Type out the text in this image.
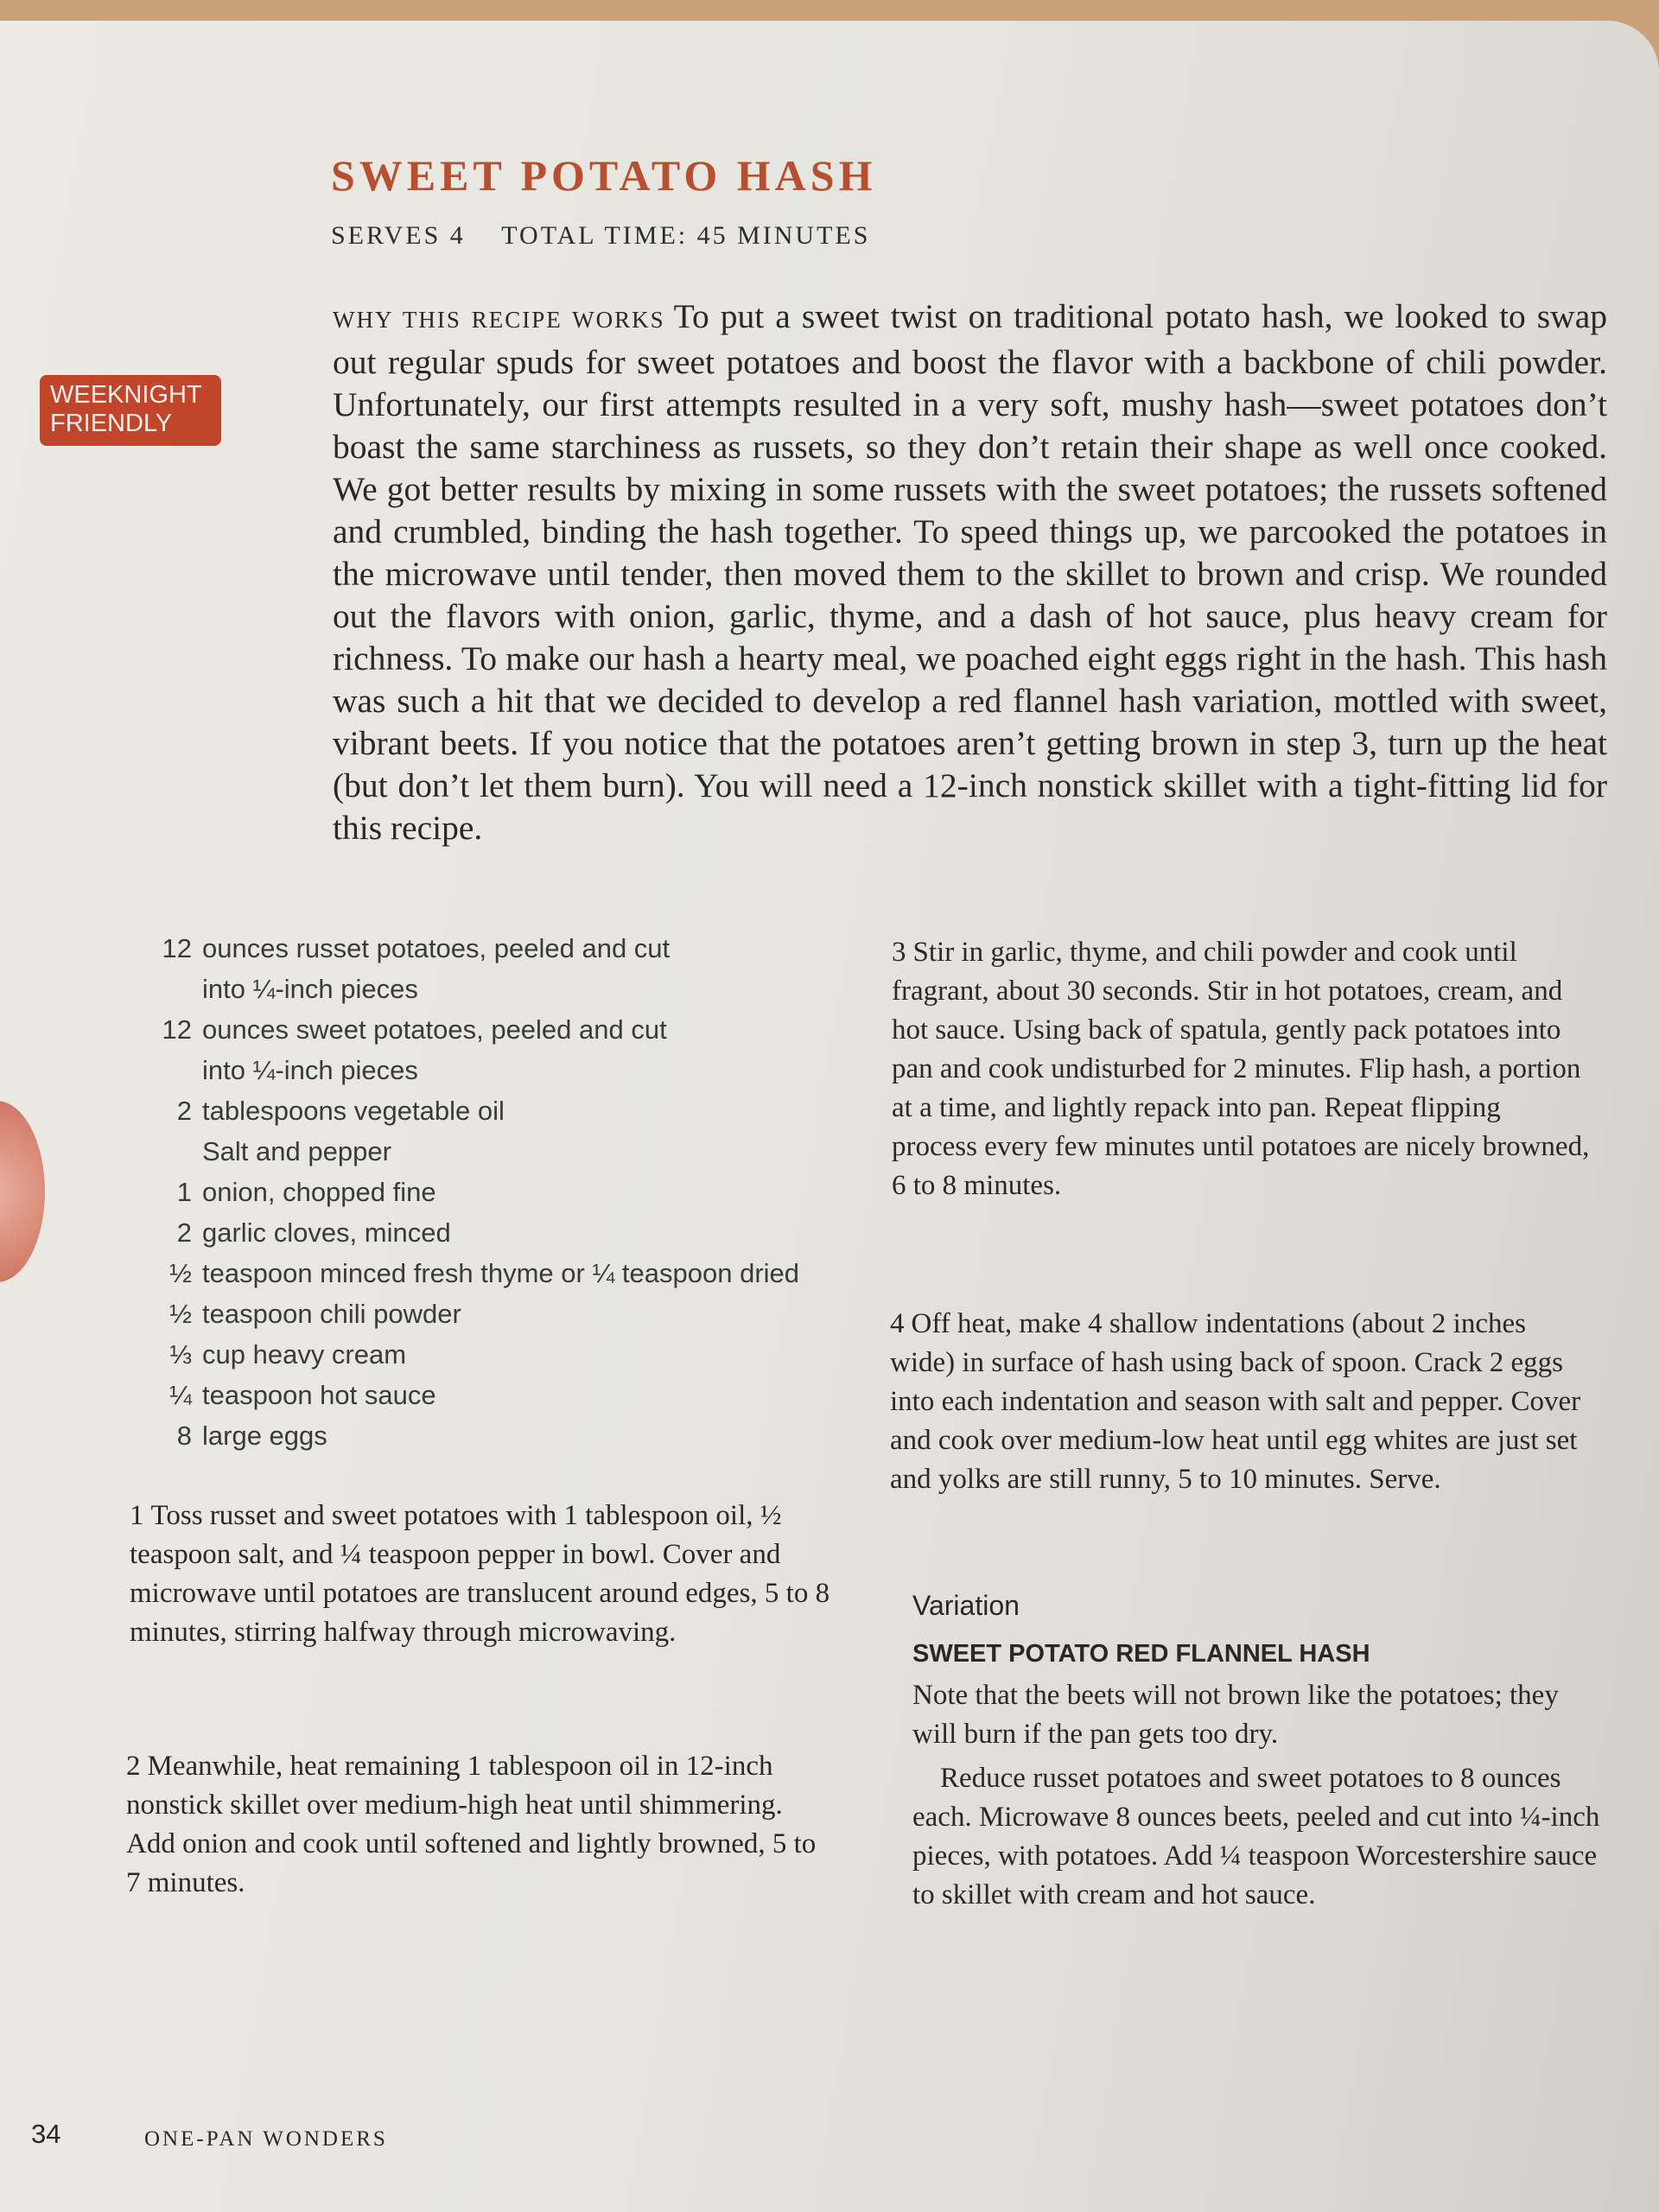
SWEET POTATO HASH
SERVES 4    TOTAL TIME: 45 MINUTES
WEEKNIGHT
FRIENDLY
WHY THIS RECIPE WORKS To put a sweet twist on traditional potato hash, we looked to swap out regular spuds for sweet potatoes and boost the flavor with a backbone of chili powder. Unfortunately, our first attempts resulted in a very soft, mushy hash—sweet potatoes don’t boast the same starchiness as russets, so they don’t retain their shape as well once cooked. We got better results by mixing in some russets with the sweet potatoes; the russets softened and crumbled, binding the hash together. To speed things up, we parcooked the potatoes in the microwave until tender, then moved them to the skillet to brown and crisp. We rounded out the flavors with onion, garlic, thyme, and a dash of hot sauce, plus heavy cream for richness. To make our hash a hearty meal, we poached eight eggs right in the hash. This hash was such a hit that we decided to develop a red flannel hash variation, mottled with sweet, vibrant beets. If you notice that the potatoes aren’t getting brown in step 3, turn up the heat (but don’t let them burn). You will need a 12-inch nonstick skillet with a tight-fitting lid for this recipe.
12 ounces russet potatoes, peeled and cut
into ¼-inch pieces
12 ounces sweet potatoes, peeled and cut
into ¼-inch pieces
2 tablespoons vegetable oil
Salt and pepper
1 onion, chopped fine
2 garlic cloves, minced
½ teaspoon minced fresh thyme or ¼ teaspoon dried
½ teaspoon chili powder
⅓ cup heavy cream
¼ teaspoon hot sauce
8 large eggs
1 Toss russet and sweet potatoes with 1 tablespoon oil, ½ teaspoon salt, and ¼ teaspoon pepper in bowl. Cover and microwave until potatoes are translucent around edges, 5 to 8 minutes, stirring halfway through microwaving.
2 Meanwhile, heat remaining 1 tablespoon oil in 12-inch nonstick skillet over medium-high heat until shimmering. Add onion and cook until softened and lightly browned, 5 to 7 minutes.
3 Stir in garlic, thyme, and chili powder and cook until fragrant, about 30 seconds. Stir in hot potatoes, cream, and hot sauce. Using back of spatula, gently pack potatoes into pan and cook undisturbed for 2 minutes. Flip hash, a portion at a time, and lightly repack into pan. Repeat flipping process every few minutes until potatoes are nicely browned, 6 to 8 minutes.
4 Off heat, make 4 shallow indentations (about 2 inches wide) in surface of hash using back of spoon. Crack 2 eggs into each indentation and season with salt and pepper. Cover and cook over medium-low heat until egg whites are just set and yolks are still runny, 5 to 10 minutes. Serve.
Variation
SWEET POTATO RED FLANNEL HASH
Note that the beets will not brown like the potatoes; they will burn if the pan gets too dry.
Reduce russet potatoes and sweet potatoes to 8 ounces each. Microwave 8 ounces beets, peeled and cut into ¼-inch pieces, with potatoes. Add ¼ teaspoon Worcestershire sauce to skillet with cream and hot sauce.
34	ONE-PAN WONDERS
